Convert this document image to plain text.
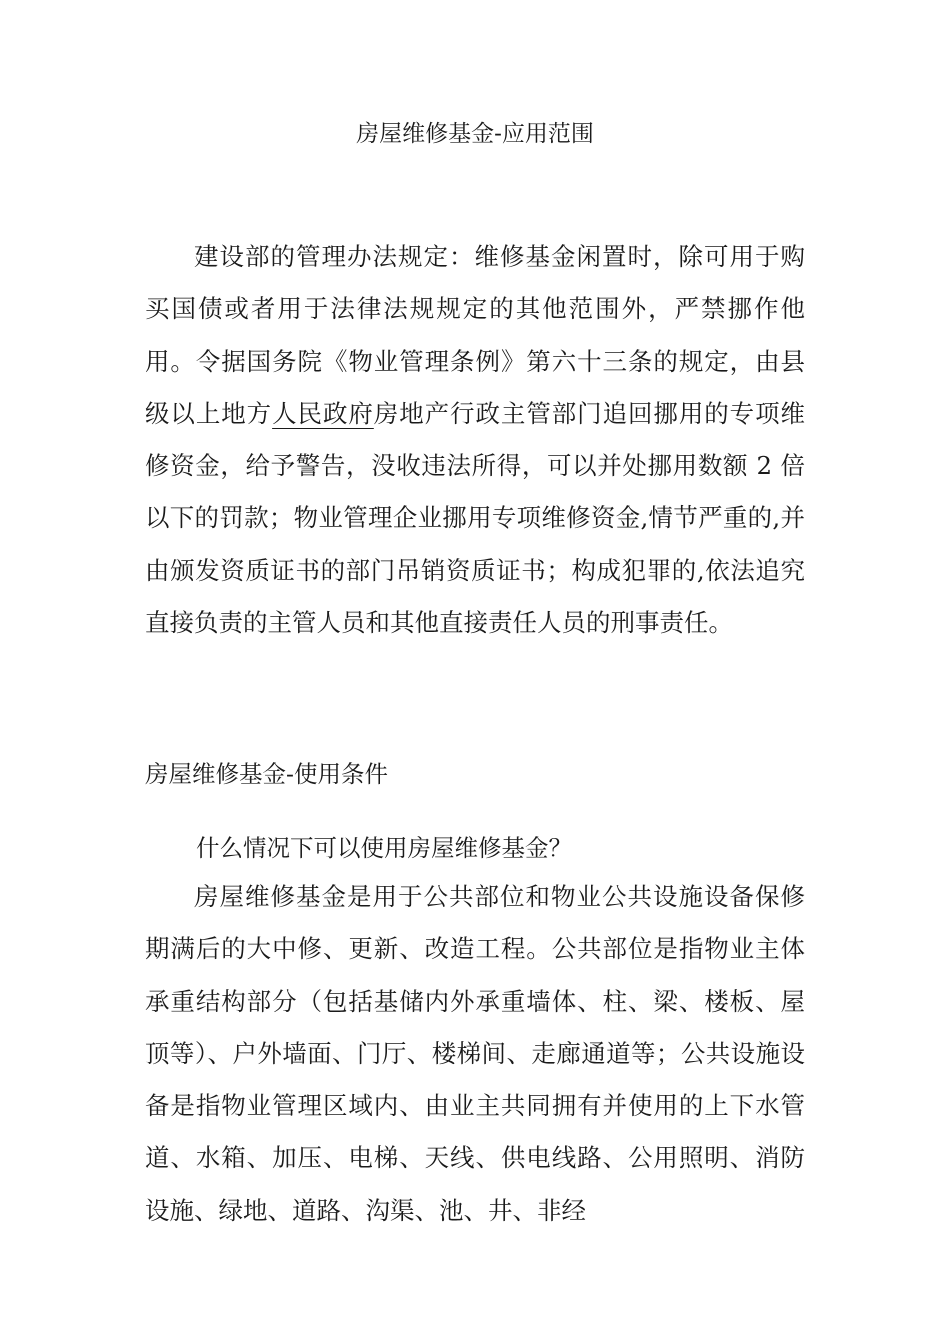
房屋维修基金-应用范围

建设部的管理办法规定：维修基金闲置时，除可用于购买国债或者用于法律法规规定的其他范围外，严禁挪作他用。令据国务院《物业管理条例》第六十三条的规定，由县级以上地方人民政府房地产行政主管部门追回挪用的专项维修资金，给予警告，没收违法所得，可以并处挪用数额 2 倍以下的罚款；物业管理企业挪用专项维修资金,情节严重的,并由颁发资质证书的部门吊销资质证书；构成犯罪的,依法追究直接负责的主管人员和其他直接责任人员的刑事责任。

房屋维修基金-使用条件
什么情况下可以使用房屋维修基金？

房屋维修基金是用于公共部位和物业公共设施设备保修期满后的大中修、更新、改造工程。公共部位是指物业主体承重结构部分（包括基储内外承重墙体、柱、梁、楼板、屋顶等）、户外墙面、门厅、楼梯间、走廊通道等；公共设施设备是指物业管理区域内、由业主共同拥有并使用的上下水管道、水箱、加压、电梯、天线、供电线路、公用照明、消防设施、绿地、道路、沟渠、池、井、非经
